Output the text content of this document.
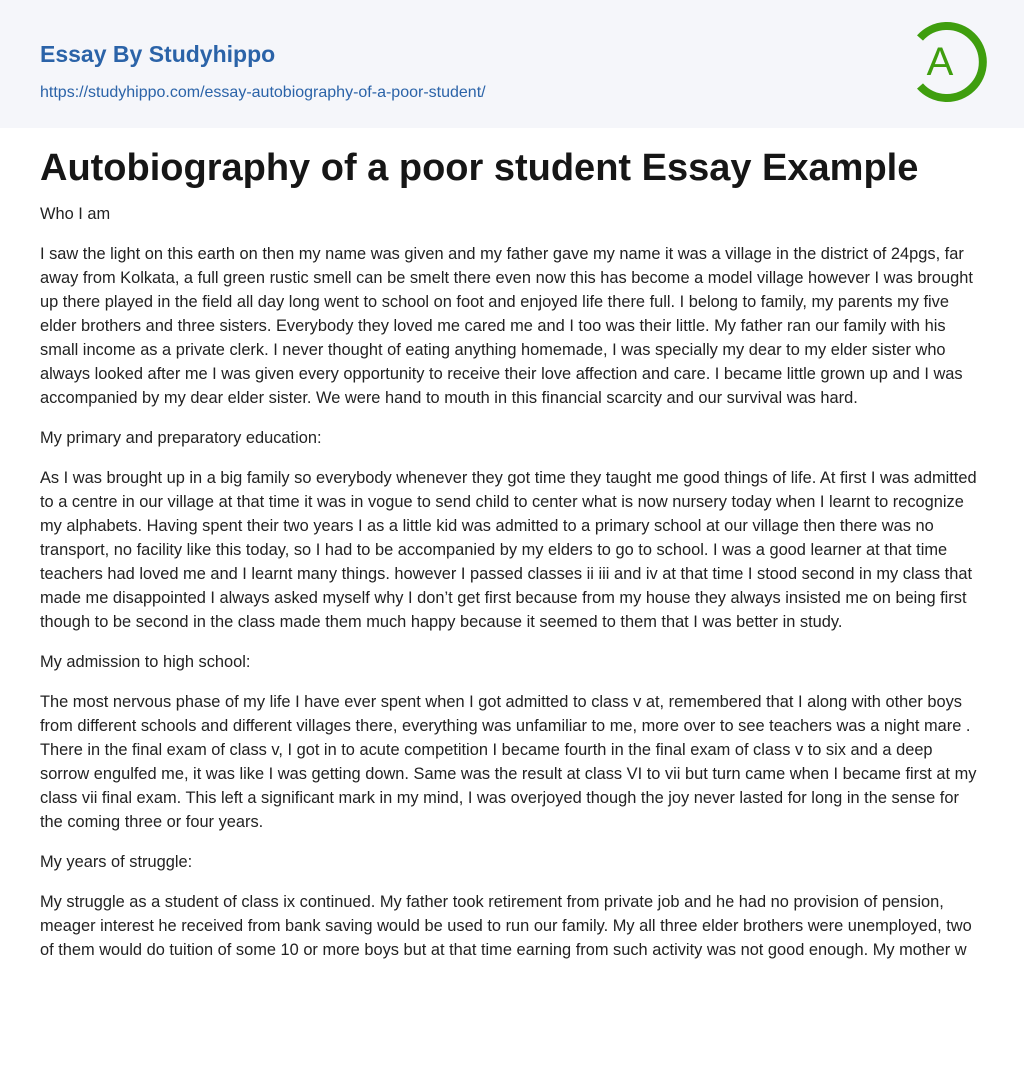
Essay By Studyhippo

https://studyhippo.com/essay-autobiography-of-a-poor-student/
A
Autobiography of a poor student Essay Example

Who I am

I saw the light on this earth on then my name was given and my father gave my name it was a village in the district of 24pgs, far away from Kolkata, a full green rustic smell can be smelt there even now this has become a model village however I was brought up there played in the field all day long went to school on foot and enjoyed life there full. I belong to family, my parents my five elder brothers and three sisters. Everybody they loved me cared me and I too was their little. My father ran our family with his small income as a private clerk. I never thought of eating anything homemade, I was specially my dear to my elder sister who always looked after me I was given every opportunity to receive their love affection and care. I became little grown up and I was accompanied by my dear elder sister. We were hand to mouth in this financial scarcity and our survival was hard.

My primary and preparatory education:

As I was brought up in a big family so everybody whenever they got time they taught me good things of life. At first I was admitted to a centre in our village at that time it was in vogue to send child to center what is now nursery today when I learnt to recognize my alphabets. Having spent their two years I as a little kid was admitted to a primary school at our village then there was no transport, no facility like this today, so I had to be accompanied by my elders to go to school. I was a good learner at that time teachers had loved me and I learnt many things. however I passed classes ii iii and iv at that time I stood second in my class that made me disappointed I always asked myself why I don’t get first because from my house they always insisted me on being first though to be second in the class made them much happy because it seemed to them that I was better in study.

My admission to high school:

The most nervous phase of my life I have ever spent when I got admitted to class v at, remembered that I along with other boys from different schools and different villages there, everything was unfamiliar to me, more over to see teachers was a night mare . There in the final exam of class v, I got in to acute competition I became fourth in the final exam of class v to six and a deep sorrow engulfed me, it was like I was getting down. Same was the result at class VI to vii but turn came when I became first at my class vii final exam. This left a significant mark in my mind, I was overjoyed though the joy never lasted for long in the sense for the coming three or four years.

My years of struggle:

My struggle as a student of class ix continued. My father took retirement from private job and he had no provision of pension, meager interest he received from bank saving would be used to run our family. My all three elder brothers were unemployed, two of them would do tuition of some 10 or more boys but at that time earning from such activity was not good enough. My mother w
